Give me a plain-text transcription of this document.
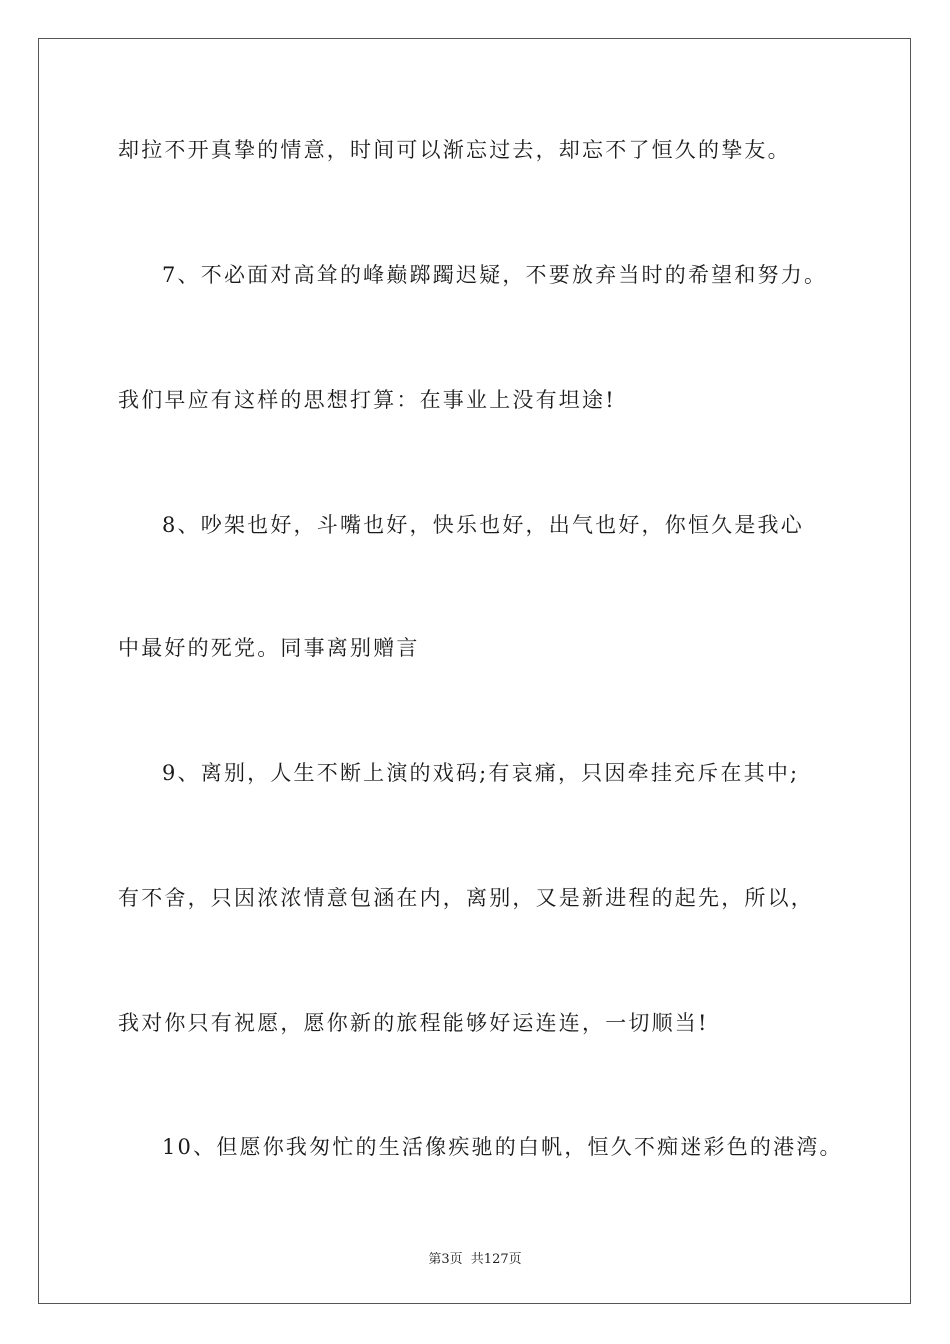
却拉不开真挚的情意，时间可以渐忘过去，却忘不了恒久的挚友。
7、不必面对高耸的峰巅踯躅迟疑，不要放弃当时的希望和努力。
我们早应有这样的思想打算：在事业上没有坦途!
8、吵架也好，斗嘴也好，快乐也好，出气也好，你恒久是我心
中最好的死党。同事离别赠言
9、离别，人生不断上演的戏码;有哀痛，只因牵挂充斥在其中;
有不舍，只因浓浓情意包涵在内，离别，又是新进程的起先，所以，
我对你只有祝愿，愿你新的旅程能够好运连连，一切顺当!
10、但愿你我匆忙的生活像疾驰的白帆，恒久不痴迷彩色的港湾。
第3页 共127页
